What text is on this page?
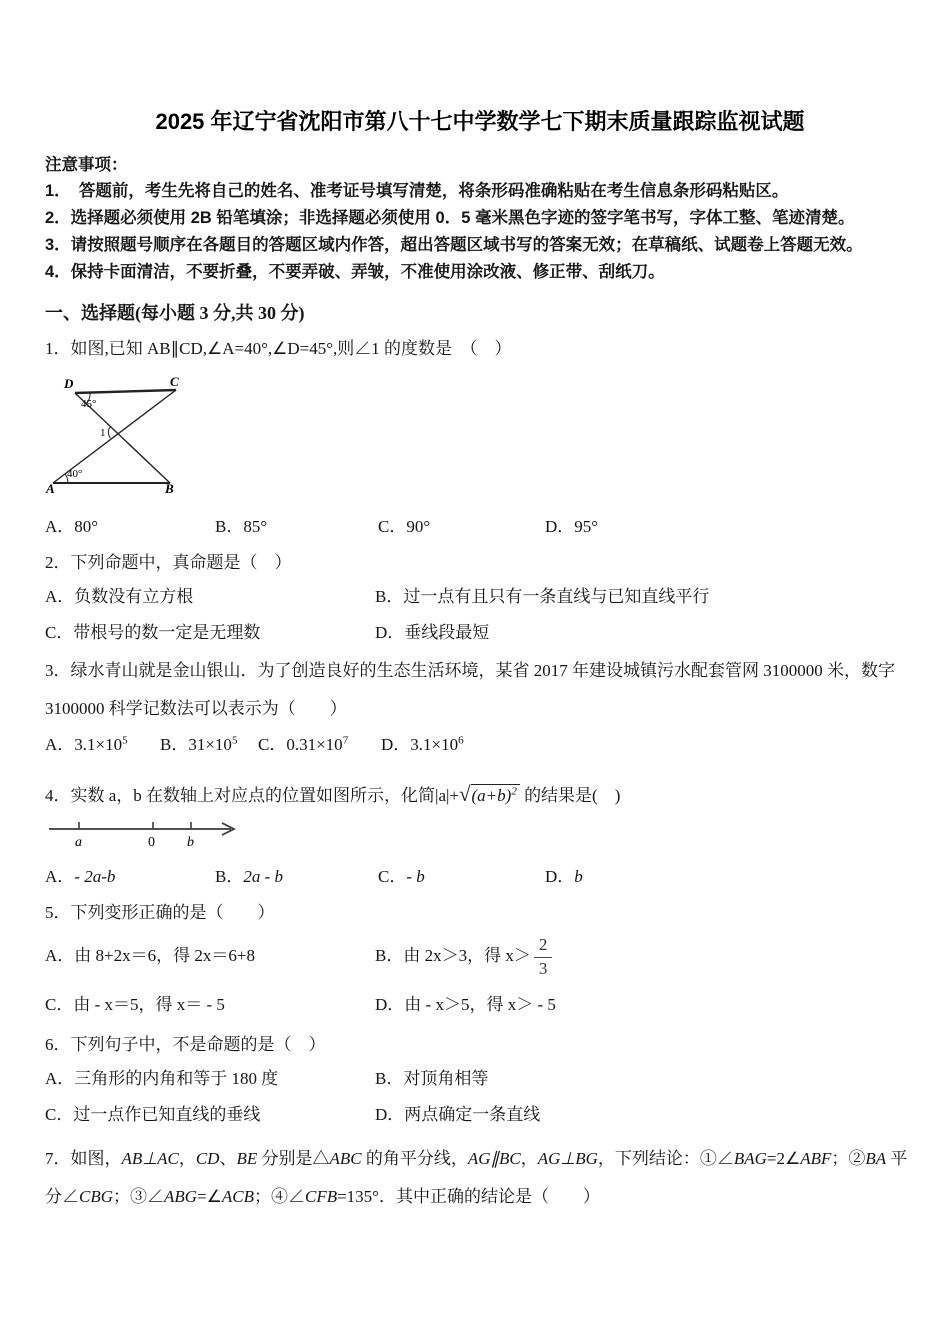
2025 年辽宁省沈阳市第八十七中学数学七下期末质量跟踪监视试题

注意事项：

1．　答题前，考生先将自己的姓名、准考证号填写清楚，将条形码准确粘贴在考生信息条形码粘贴区。

2．选择题必须使用 2B 铅笔填涂；非选择题必须使用 0．5 毫米黑色字迹的签字笔书写，字体工整、笔迹清楚。

3．请按照题号顺序在各题目的答题区域内作答，超出答题区域书写的答案无效；在草稿纸、试题卷上答题无效。

4．保持卡面清洁，不要折叠，不要弄破、弄皱，不准使用涂改液、修正带、刮纸刀。

一、选择题(每小题 3 分,共 30 分)

1．如图,已知 AB∥CD,∠A=40°,∠D=45°,则∠1 的度数是　（　）

D	C
A	B
45°
40°
1
A．80°	B．85°	C．90°	D．95°

2．下列命题中，真命题是（　）

A．负数没有立方根	B．过一点有且只有一条直线与已知直线平行
C．带根号的数一定是无理数	D．垂线段最短

3．绿水青山就是金山银山．为了创造良好的生态生活环境，某省 2017 年建设城镇污水配套管网 3100000 米，数字 3100000 科学记数法可以表示为（　　）

A．$3.1\times 10^5$	B．$31\times 10^5$	C．$0.31\times 10^7$	D．$3.1\times 10^6$

4．实数 a，b 在数轴上对应点的位置如图所示，化简$|a|+√(a+b)^2$ 的结果是(　)

a	0 b
A．- 2a-b	B．2a - b	C．- b	D．b

5．下列变形正确的是（　　）

A．由 8+2x＝6，得 2x＝6+8	B．由 2x＞3，得 $x> \frac{2}{3}$
C．由 - x＝5，得 x＝ - 5	D．由 - x＞5，得 x＞ - 5

6．下列句子中，不是命题的是（　）

A．三角形的内角和等于 180 度	B．对顶角相等
C．过一点作已知直线的垂线	D．两点确定一条直线

7．如图，AB⊥AC，CD、BE 分别是△ABC 的角平分线，AG∥BC，AG⊥BG，下列结论：①∠BAG=2∠ABF；②BA 平分∠CBG；③∠ABG=∠ACB；④∠CFB=135°．其中正确的结论是（　　）
